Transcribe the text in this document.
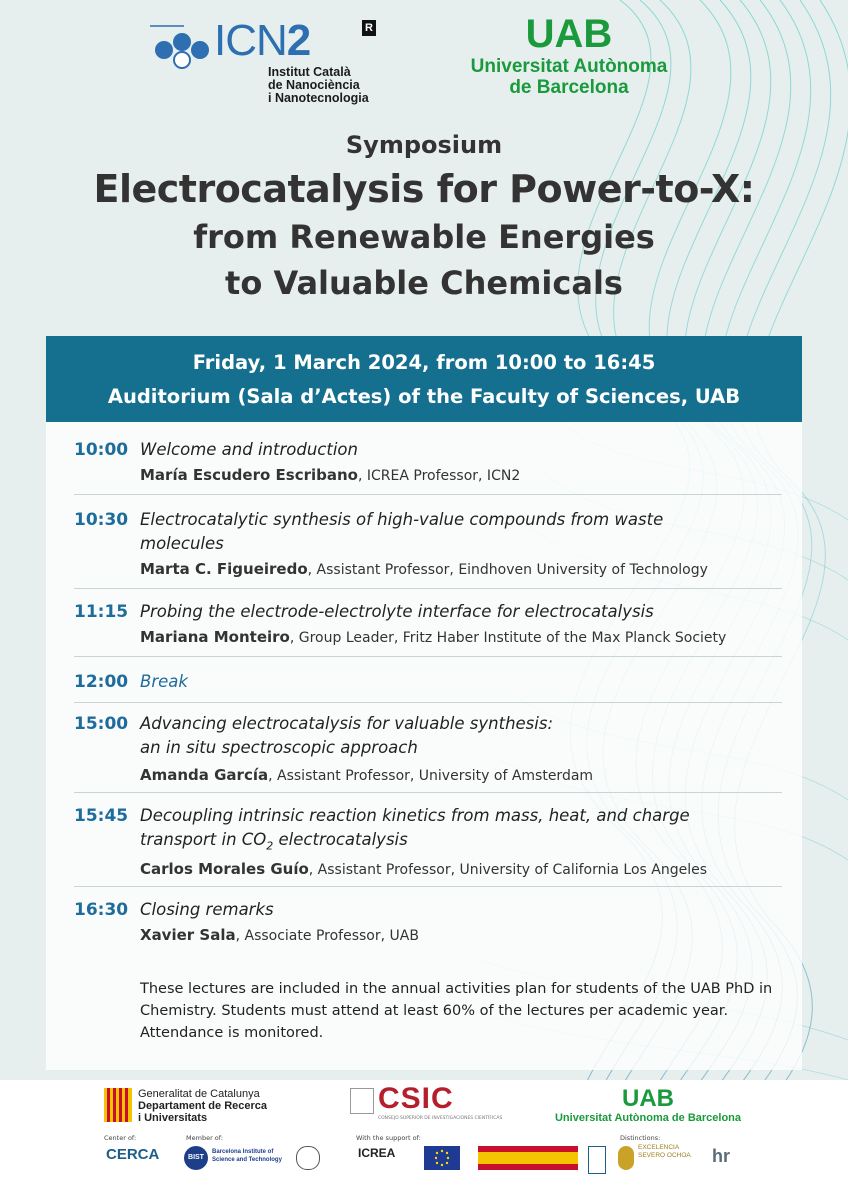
ICN2	R
Institut Català
de Nanociència
i Nanotecnologia
UAB
Universitat Autònoma
de Barcelona
Symposium
Electrocatalysis for Power-to-X:
from Renewable Energies
to Valuable Chemicals
Friday, 1 March 2024, from 10:00 to 16:45
Auditorium (Sala d’Actes) of the Faculty of Sciences, UAB
10:00 Welcome and introduction
María Escudero Escribano, ICREA Professor, ICN2
10:30 Electrocatalytic synthesis of high-value compounds from waste molecules
Marta C. Figueiredo, Assistant Professor, Eindhoven University of Technology
11:15 Probing the electrode-electrolyte interface for electrocatalysis
Mariana Monteiro, Group Leader, Fritz Haber Institute of the Max Planck Society
12:00 Break
15:00 Advancing electrocatalysis for valuable synthesis:
an in situ spectroscopic approach
Amanda García, Assistant Professor, University of Amsterdam
15:45 Decoupling intrinsic reaction kinetics from mass, heat, and charge
transport in $CO_2$ electrocatalysis
Carlos Morales Guío, Assistant Professor, University of California Los Angeles
16:30 Closing remarks
Xavier Sala, Associate Professor, UAB
These lectures are included in the annual activities plan for students of the UAB PhD in Chemistry. Students must attend at least 60% of the lectures per academic year. Attendance is monitored.
Generalitat de Catalunya
Departament de Recerca
i Universitats
CSIC
CONSEJO SUPERIOR DE INVESTIGACIONES CIENTÍFICAS
UAB
Universitat Autònoma de Barcelona
Center of:	Member of:	With the support of:	Distinctions:
CERCA	BIST
Barcelona Institute of Science and Technology	ICREA	EXCELENCIA SEVERO OCHOA	hr
